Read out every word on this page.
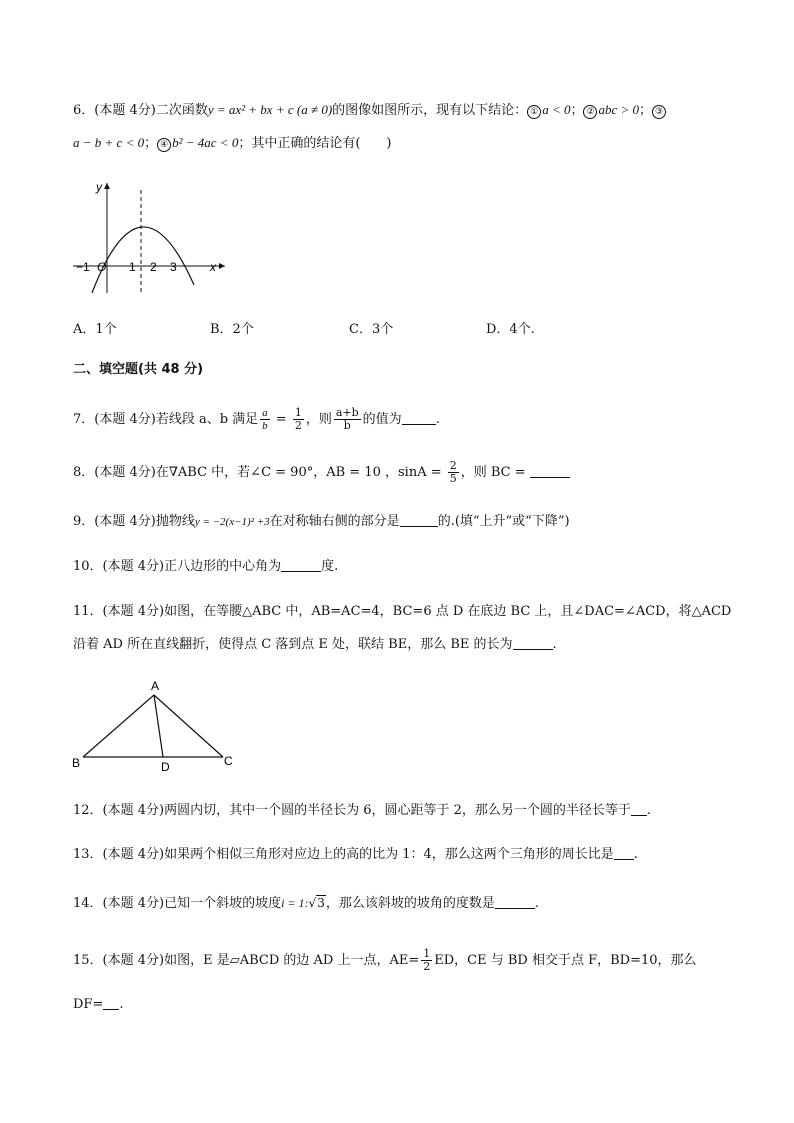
6．(本题 4分)二次函数y = ax² + bx + c (a ≠ 0)的图像如图所示，现有以下结论： ① a < 0； ② abc > 0； ③
a − b + c < 0； ④ b² − 4ac < 0；其中正确的结论有(　　)
y
x
O
−1	1 2 3
A．1个	B．2个	C．3个	D．4个.
二、填空题(共 48 分)
7．(本题 4分)若线段 a、b 满足 $\frac{a}{b} = \frac{1}{2}$ ，则 $\frac{a+b}{b}$ 的值为	.
8．(本题 4分)在∇ABC 中，若∠C = 90°，AB = 10 ，$\sin A = \frac{2}{5}$ ，则 BC =
9．(本题 4分)抛物线y = −2(x−1)² +3在对称轴右侧的部分是	的.(填“上升”或“下降”)
10．(本题 4分)正八边形的中心角为	度.
11．(本题 4分)如图，在等腰△ABC 中，AB=AC=4，BC=6 点 D 在底边 BC 上，且∠DAC=∠ACD，将△ACD
沿着 AD 所在直线翻折，使得点 C 落到点 E 处，联结 BE，那么 BE 的长为	.
A
B	C
D
12．(本题 4分)两圆内切，其中一个圆的半径长为 6，圆心距等于 2，那么另一个圆的半径长等于 .
13．(本题 4分)如果两个相似三角形对应边上的高的比为 1：4，那么这两个三角形的周长比是 .
14．(本题 4分)已知一个斜坡的坡度i = 1:√3，那么该斜坡的坡角的度数是	.
15．(本题 4分)如图，E 是▱ABCD 的边 AD 上一点，$AE= \frac{1}{2}$ ED，CE 与 BD 相交于点 F，BD=10，那么
DF= .
